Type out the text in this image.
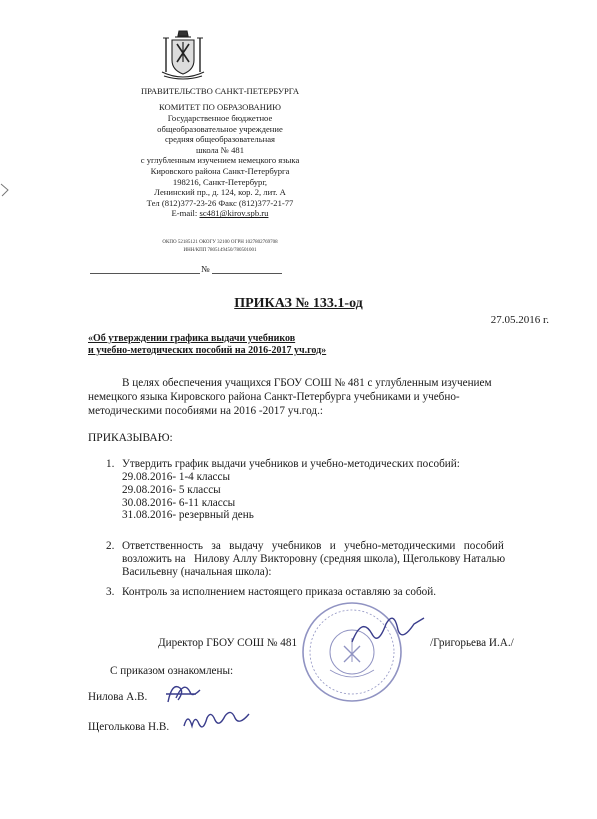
ПРАВИТЕЛЬСТВО САНКТ-ПЕТЕРБУРГА
КОМИТЕТ ПО ОБРАЗОВАНИЮ
Государственное бюджетное
общеобразовательное учреждение
средняя общеобразовательная
школа № 481
с углубленным изучением немецкого языка
Кировского района Санкт-Петербурга
198216, Санкт-Петербург,
Ленинский пр., д. 124, кор. 2, лит. А
Тел (812)377-23-26 Факс (812)377-21-77
E-mail: sc481@kirov.spb.ru
ОКПО 52185121 ОКОГУ 32100 ОГРН 1027802769708
ИНН/КПП 7805149450/780501001
№
ПРИКАЗ № 133.1-од
27.05.2016 г.
«Об утверждении графика выдачи учебников
и учебно-методических пособий на 2016-2017 уч.год»
В целях обеспечения учащихся ГБОУ СОШ № 481 с углубленным изучением
немецкого языка Кировского района Санкт-Петербурга учебниками и учебно-
методическими пособиями на 2016 -2017 уч.год.:
ПРИКАЗЫВАЮ:
1. Утвердить график выдачи учебников и учебно-методических пособий:
29.08.2016- 1-4 классы
29.08.2016- 5 классы
30.08.2016- 6-11 классы
31.08.2016- резервный день
2. Ответственность   за   выдачу   учебников   и   учебно-методическими   пособий
возложить на   Нилову Аллу Викторовну (средняя школа), Щеголькову Наталью
Васильевну (начальная школа):
3. Контроль за исполнением настоящего приказа оставляю за собой.
Директор ГБОУ СОШ № 481	/Григорьева И.А./
С приказом ознакомлены:
Нилова А.В.
Щеголькова Н.В.
